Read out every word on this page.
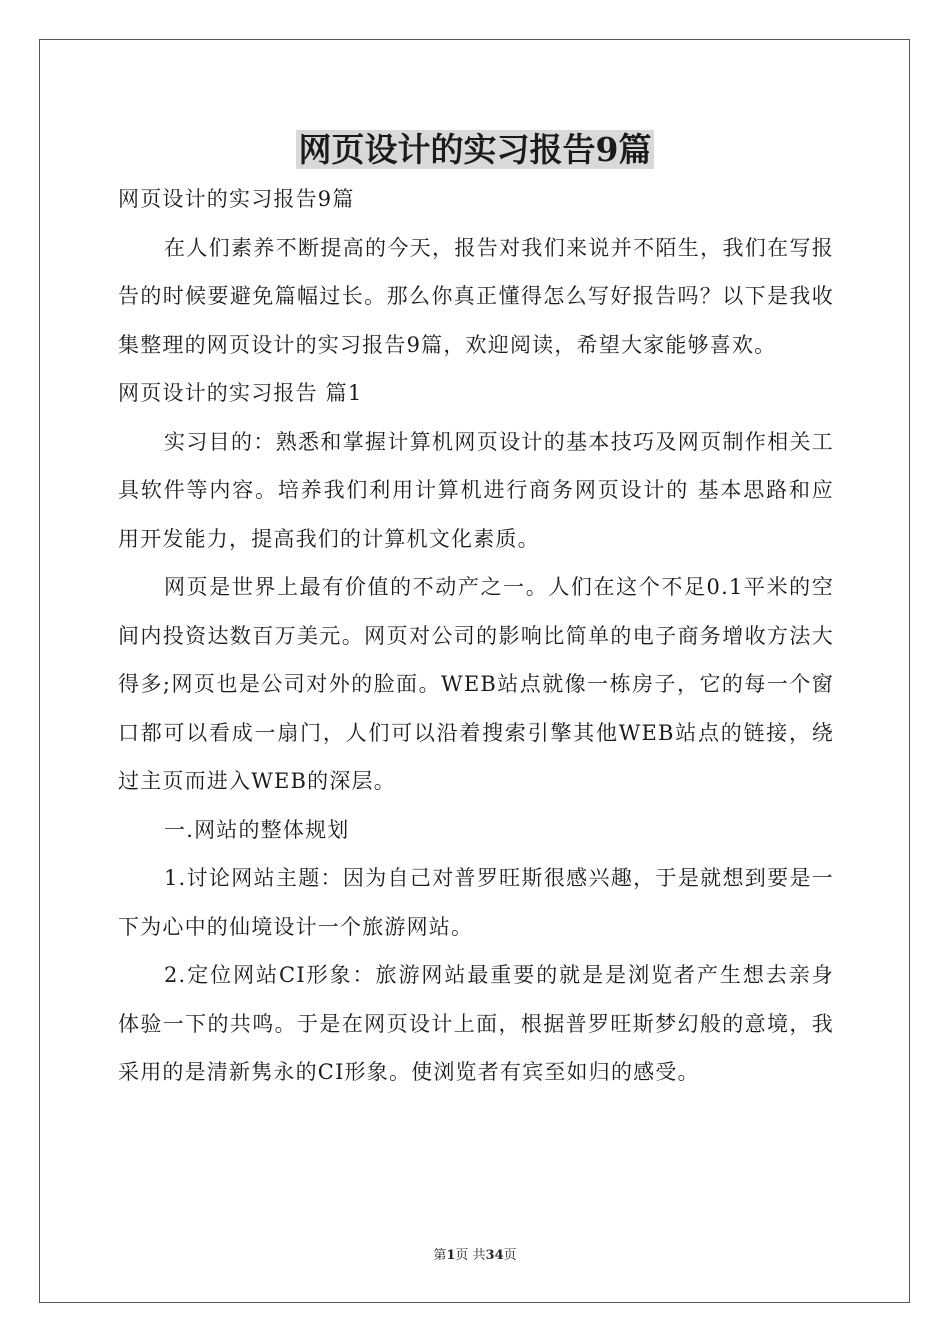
网页设计的实习报告9篇

网页设计的实习报告9篇

在人们素养不断提高的今天，报告对我们来说并不陌生，我们在写报告的时候要避免篇幅过长。那么你真正懂得怎么写好报告吗？以下是我收集整理的网页设计的实习报告9篇，欢迎阅读，希望大家能够喜欢。

网页设计的实习报告 篇1

实习目的：熟悉和掌握计算机网页设计的基本技巧及网页制作相关工具软件等内容。培养我们利用计算机进行商务网页设计的 基本思路和应用开发能力，提高我们的计算机文化素质。

网页是世界上最有价值的不动产之一。人们在这个不足0.1平米的空间内投资达数百万美元。网页对公司的影响比简单的电子商务增收方法大得多;网页也是公司对外的脸面。WEB站点就像一栋房子，它的每一个窗口都可以看成一扇门，人们可以沿着搜索引擎其他WEB站点的链接，绕过主页而进入WEB的深层。

一.网站的整体规划

1.讨论网站主题：因为自己对普罗旺斯很感兴趣，于是就想到要是一下为心中的仙境设计一个旅游网站。

2.定位网站CI形象：旅游网站最重要的就是是浏览者产生想去亲身体验一下的共鸣。于是在网页设计上面，根据普罗旺斯梦幻般的意境，我采用的是清新隽永的CI形象。使浏览者有宾至如归的感受。

第1页 共34页
